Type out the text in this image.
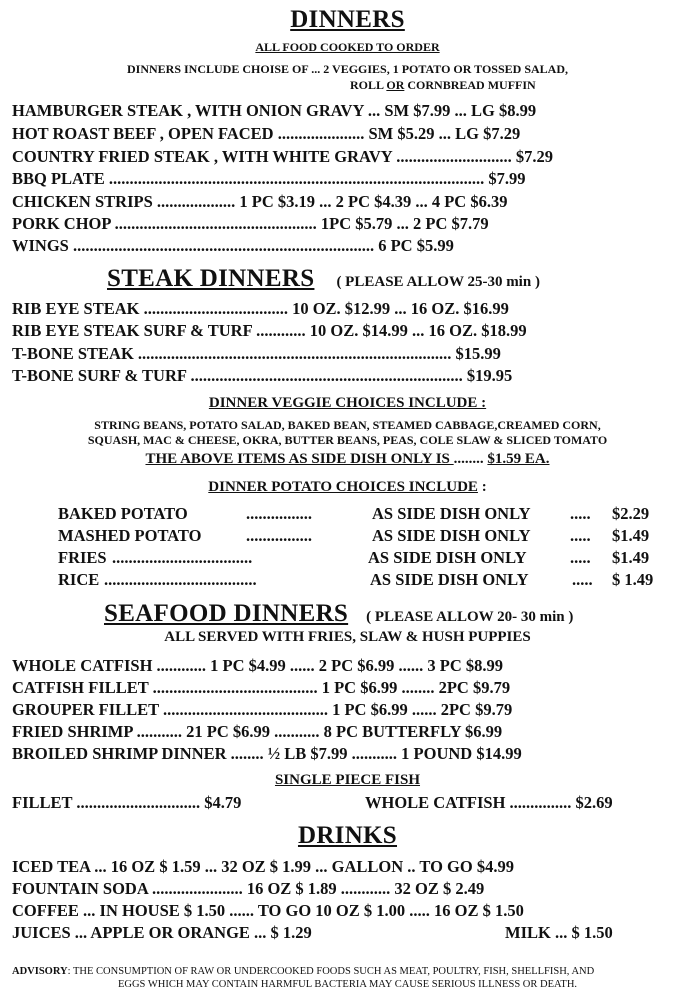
DINNERS
ALL FOOD COOKED TO ORDER
DINNERS INCLUDE CHOISE OF ... 2 VEGGIES, 1 POTATO OR TOSSED SALAD,
ROLL OR CORNBREAD MUFFIN
HAMBURGER STEAK , WITH ONION GRAVY ... SM $7.99 ... LG $8.99
HOT ROAST BEEF , OPEN FACED ..................... SM $5.29 ... LG $7.29
COUNTRY FRIED STEAK , WITH WHITE GRAVY ............................ $7.29
BBQ PLATE ........................................................................................... $7.99
CHICKEN STRIPS ................... 1 PC $3.19 ... 2 PC $4.39 ... 4 PC $6.39
PORK CHOP ................................................. 1PC $5.79 ... 2 PC $7.79
WINGS ......................................................................... 6 PC $5.99
STEAK DINNERS ( PLEASE ALLOW 25-30 min )
RIB EYE STEAK ................................... 10 OZ. $12.99 ... 16 OZ. $16.99
RIB EYE STEAK SURF & TURF ............ 10 OZ. $14.99 ... 16 OZ. $18.99
T-BONE STEAK ............................................................................ $15.99
T-BONE SURF & TURF .................................................................. $19.95
DINNER VEGGIE CHOICES INCLUDE :
STRING BEANS, POTATO SALAD, BAKED BEAN, STEAMED CABBAGE,CREAMED CORN,
SQUASH, MAC & CHEESE, OKRA, BUTTER BEANS, PEAS, COLE SLAW & SLICED TOMATO
THE ABOVE ITEMS AS SIDE DISH ONLY IS ........ $1.59 EA.
DINNER POTATO CHOICES INCLUDE :
BAKED POTATO	................	AS SIDE DISH ONLY ..... $2.29
MASHED POTATO	................	AS SIDE DISH ONLY ..... $1.49
FRIES ..................................	AS SIDE DISH ONLY	..... $1.49
RICE .....................................	AS SIDE DISH ONLY	..... $ 1.49
SEAFOOD DINNERS ( PLEASE ALLOW 20- 30 min )
ALL SERVED WITH FRIES, SLAW & HUSH PUPPIES
WHOLE CATFISH ............ 1 PC $4.99 ...... 2 PC $6.99 ...... 3 PC $8.99
CATFISH FILLET ........................................ 1 PC $6.99 ........ 2PC $9.79
GROUPER FILLET ........................................ 1 PC $6.99 ...... 2PC $9.79
FRIED SHRIMP ........... 21 PC $6.99 ........... 8 PC BUTTERFLY $6.99
BROILED SHRIMP DINNER ........ ½ LB $7.99 ........... 1 POUND $14.99
SINGLE PIECE FISH
FILLET .............................. $4.79	WHOLE CATFISH ............... $2.69
DRINKS
ICED TEA ... 16 OZ $ 1.59 ... 32 OZ $ 1.99 ... GALLON .. TO GO $4.99
FOUNTAIN SODA ...................... 16 OZ $ 1.89 ............ 32 OZ $ 2.49
COFFEE ... IN HOUSE $ 1.50 ...... TO GO 10 OZ $ 1.00 ..... 16 OZ $ 1.50
JUICES ... APPLE OR ORANGE ... $ 1.29	MILK ... $ 1.50
ADVISORY: THE CONSUMPTION OF RAW OR UNDERCOOKED FOODS SUCH AS MEAT, POULTRY, FISH, SHELLFISH, AND
EGGS WHICH MAY CONTAIN HARMFUL BACTERIA MAY CAUSE SERIOUS ILLNESS OR DEATH.
